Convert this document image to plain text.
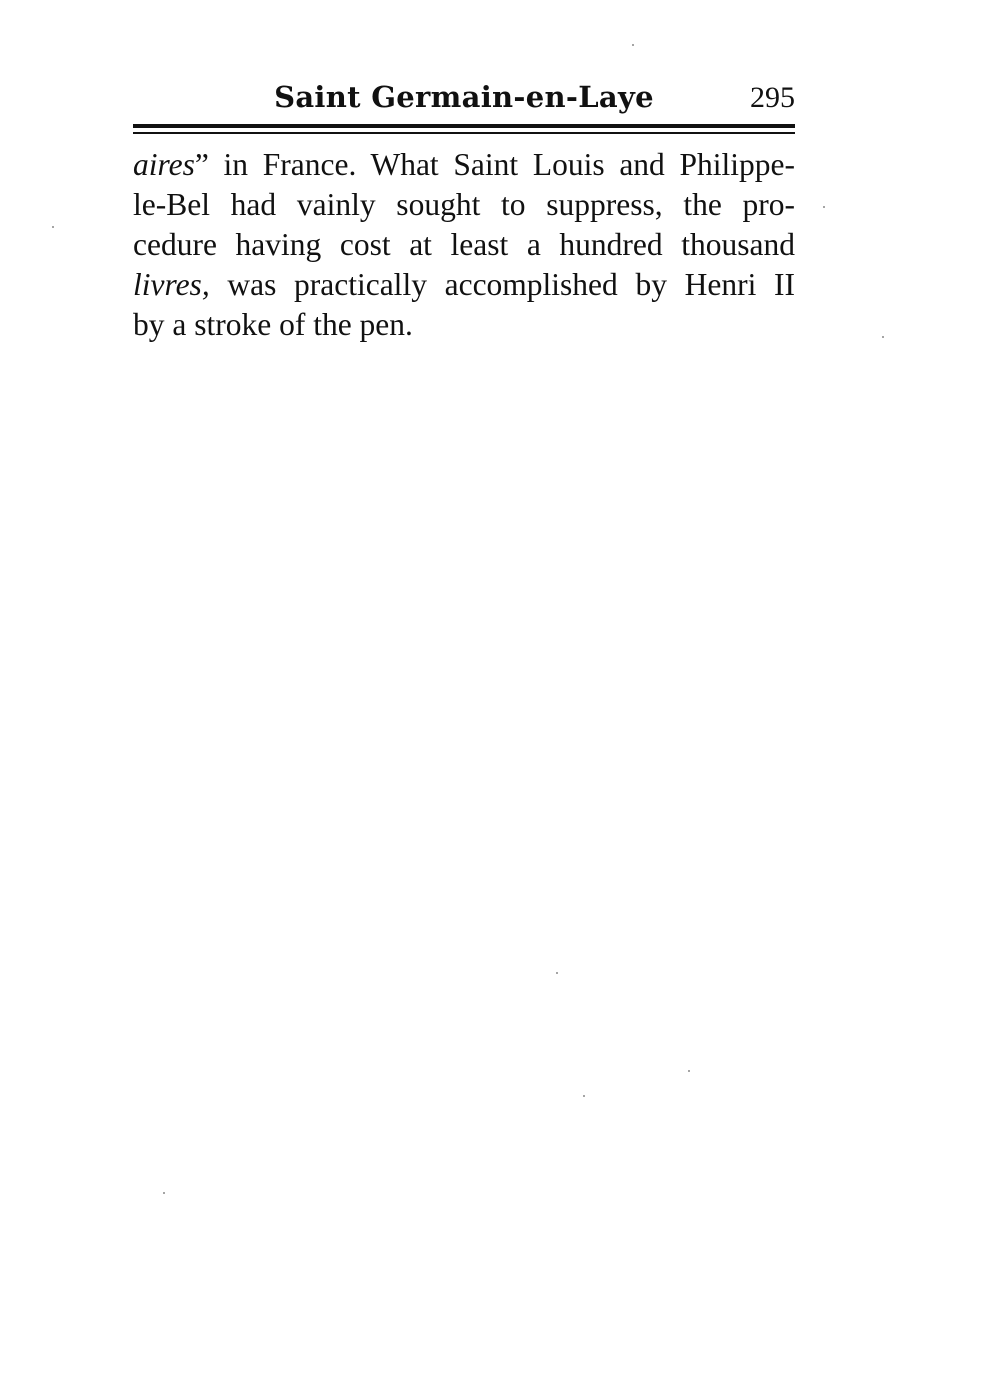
Saint Germain-en-Laye	295

aires” in France. What Saint Louis and Philippe-
le-Bel had vainly sought to suppress, the pro-
cedure having cost at least a hundred thousand
livres, was practically accomplished by Henri II
by a stroke of the pen.
